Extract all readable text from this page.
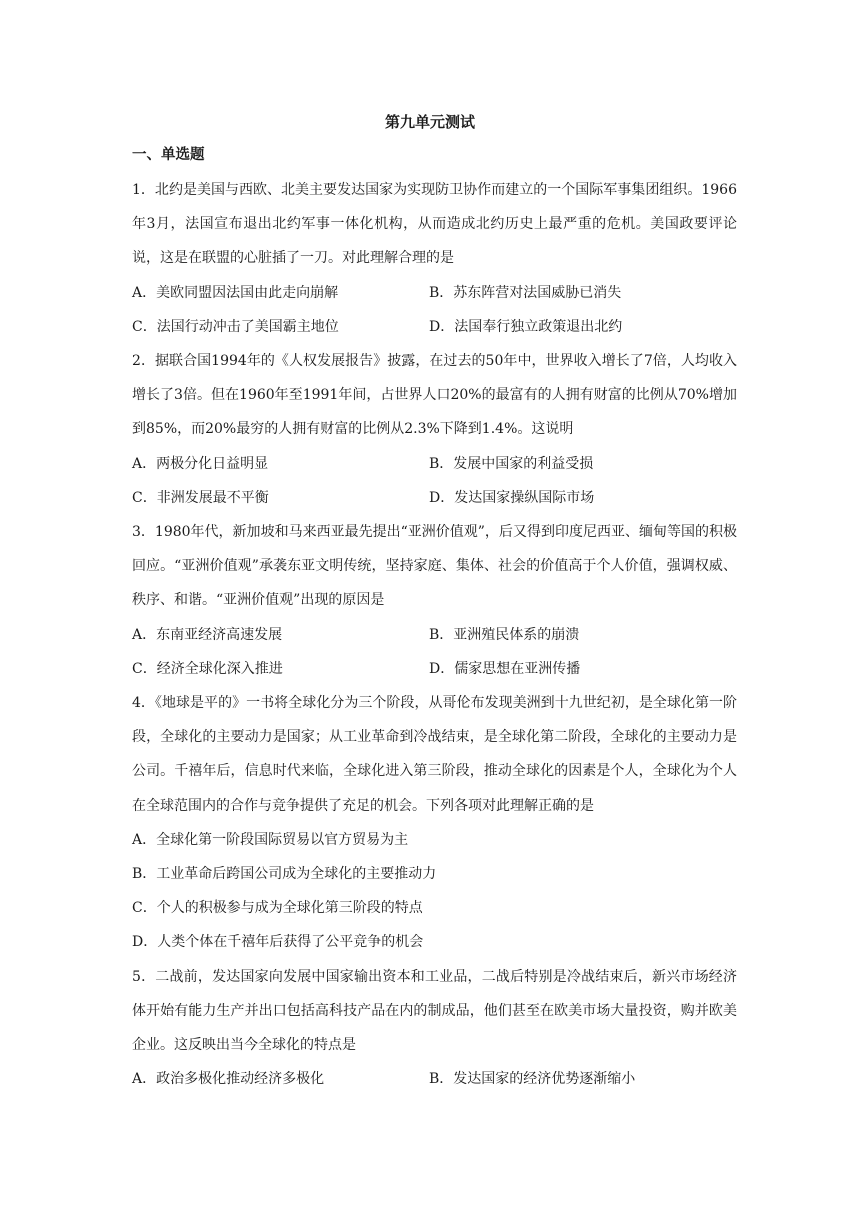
第九单元测试
一、单选题

1．北约是美国与西欧、北美主要发达国家为实现防卫协作而建立的一个国际军事集团组织。1966年3月，法国宣布退出北约军事一体化机构，从而造成北约历史上最严重的危机。美国政要评论说，这是在联盟的心脏插了一刀。对此理解合理的是

A．美欧同盟因法国由此走向崩解	B．苏东阵营对法国威胁已消失
C．法国行动冲击了美国霸主地位	D．法国奉行独立政策退出北约

2．据联合国1994年的《人权发展报告》披露，在过去的50年中，世界收入增长了7倍，人均收入增长了3倍。但在1960年至1991年间，占世界人口20%的最富有的人拥有财富的比例从70%增加到85%，而20%最穷的人拥有财富的比例从2.3%下降到1.4%。这说明

A．两极分化日益明显	B．发展中国家的利益受损
C．非洲发展最不平衡	D．发达国家操纵国际市场

3．1980年代，新加坡和马来西亚最先提出“亚洲价值观”，后又得到印度尼西亚、缅甸等国的积极回应。“亚洲价值观”承袭东亚文明传统，坚持家庭、集体、社会的价值高于个人价值，强调权威、秩序、和谐。“亚洲价值观”出现的原因是

A．东南亚经济高速发展	B．亚洲殖民体系的崩溃
C．经济全球化深入推进	D．儒家思想在亚洲传播

4．《地球是平的》一书将全球化分为三个阶段，从哥伦布发现美洲到十九世纪初，是全球化第一阶段，全球化的主要动力是国家；从工业革命到冷战结束，是全球化第二阶段，全球化的主要动力是公司。千禧年后，信息时代来临，全球化进入第三阶段，推动全球化的因素是个人，全球化为个人在全球范围内的合作与竞争提供了充足的机会。下列各项对此理解正确的是

A．全球化第一阶段国际贸易以官方贸易为主
B．工业革命后跨国公司成为全球化的主要推动力
C．个人的积极参与成为全球化第三阶段的特点
D．人类个体在千禧年后获得了公平竞争的机会

5．二战前，发达国家向发展中国家输出资本和工业品，二战后特别是冷战结束后，新兴市场经济体开始有能力生产并出口包括高科技产品在内的制成品，他们甚至在欧美市场大量投资，购并欧美企业。这反映出当今全球化的特点是

A．政治多极化推动经济多极化	B．发达国家的经济优势逐渐缩小
